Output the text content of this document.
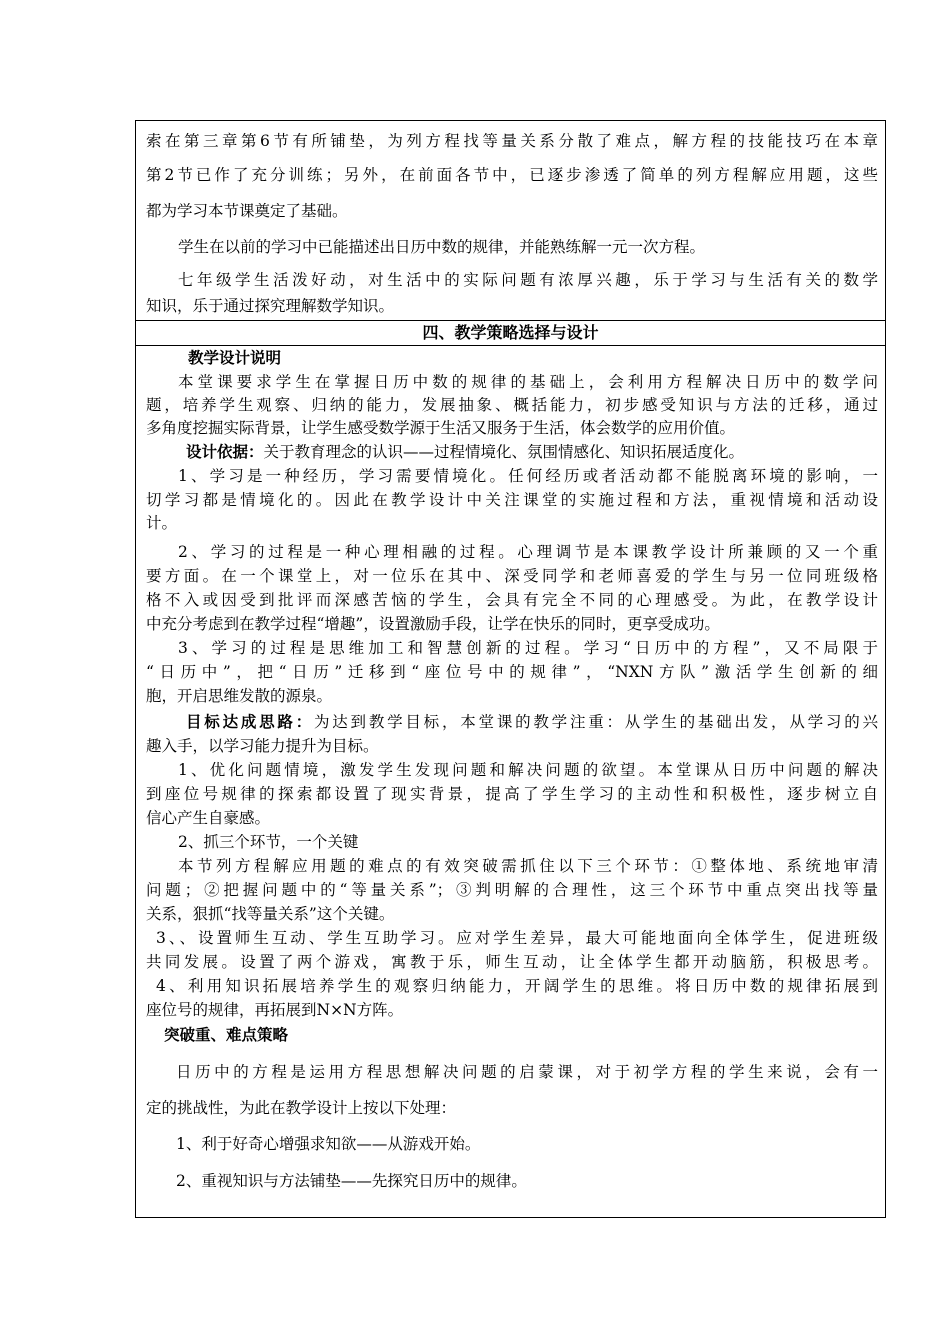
索在第三章第6节有所铺垫，为列方程找等量关系分散了难点，解方程的技能技巧在本章
第2节已作了充分训练；另外，在前面各节中，已逐步渗透了简单的列方程解应用题，这些
都为学习本节课奠定了基础。
学生在以前的学习中已能描述出日历中数的规律，并能熟练解一元一次方程。
七年级学生活泼好动，对生活中的实际问题有浓厚兴趣，乐于学习与生活有关的数学
知识，乐于通过探究理解数学知识。
四、教学策略选择与设计
教学设计说明
本堂课要求学生在掌握日历中数的规律的基础上，会利用方程解决日历中的数学问
题，培养学生观察、归纳的能力，发展抽象、概括能力，初步感受知识与方法的迁移，通过
多角度挖掘实际背景，让学生感受数学源于生活又服务于生活，体会数学的应用价值。
设计依据：关于教育理念的认识——过程情境化、氛围情感化、知识拓展适度化。
1、学习是一种经历，学习需要情境化。任何经历或者活动都不能脱离环境的影响，一
切学习都是情境化的。因此在教学设计中关注课堂的实施过程和方法，重视情境和活动设
计。
2、学习的过程是一种心理相融的过程。心理调节是本课教学设计所兼顾的又一个重
要方面。在一个课堂上，对一位乐在其中、深受同学和老师喜爱的学生与另一位同班级格
格不入或因受到批评而深感苦恼的学生，会具有完全不同的心理感受。为此，在教学设计
中充分考虑到在教学过程“增趣”，设置激励手段，让学在快乐的同时，更享受成功。
3、学习的过程是思维加工和智慧创新的过程。学习“日历中的方程”，又不局限于
“日历中”，把“日历”迁移到“座位号中的规律”，“NXN方队”激活学生创新的细
胞，开启思维发散的源泉。
目标达成思路：为达到教学目标，本堂课的教学注重：从学生的基础出发，从学习的兴
趣入手，以学习能力提升为目标。
1、优化问题情境，激发学生发现问题和解决问题的欲望。本堂课从日历中问题的解决
到座位号规律的探索都设置了现实背景，提高了学生学习的主动性和积极性，逐步树立自
信心产生自豪感。
2、抓三个环节，一个关键
本节列方程解应用题的难点的有效突破需抓住以下三个环节：①整体地、系统地审清
问题；②把握问题中的“等量关系”；③判明解的合理性，这三个环节中重点突出找等量
关系，狠抓“找等量关系”这个关键。
3、、设置师生互动、学生互助学习。应对学生差异，最大可能地面向全体学生，促进班级
共同发展。设置了两个游戏，寓教于乐，师生互动，让全体学生都开动脑筋，积极思考。
4、利用知识拓展培养学生的观察归纳能力，开阔学生的思维。将日历中数的规律拓展到
座位号的规律，再拓展到N×N方阵。
突破重、难点策略
日历中的方程是运用方程思想解决问题的启蒙课，对于初学方程的学生来说，会有一
定的挑战性，为此在教学设计上按以下处理：
1、利于好奇心增强求知欲——从游戏开始。
2、重视知识与方法铺垫——先探究日历中的规律。
